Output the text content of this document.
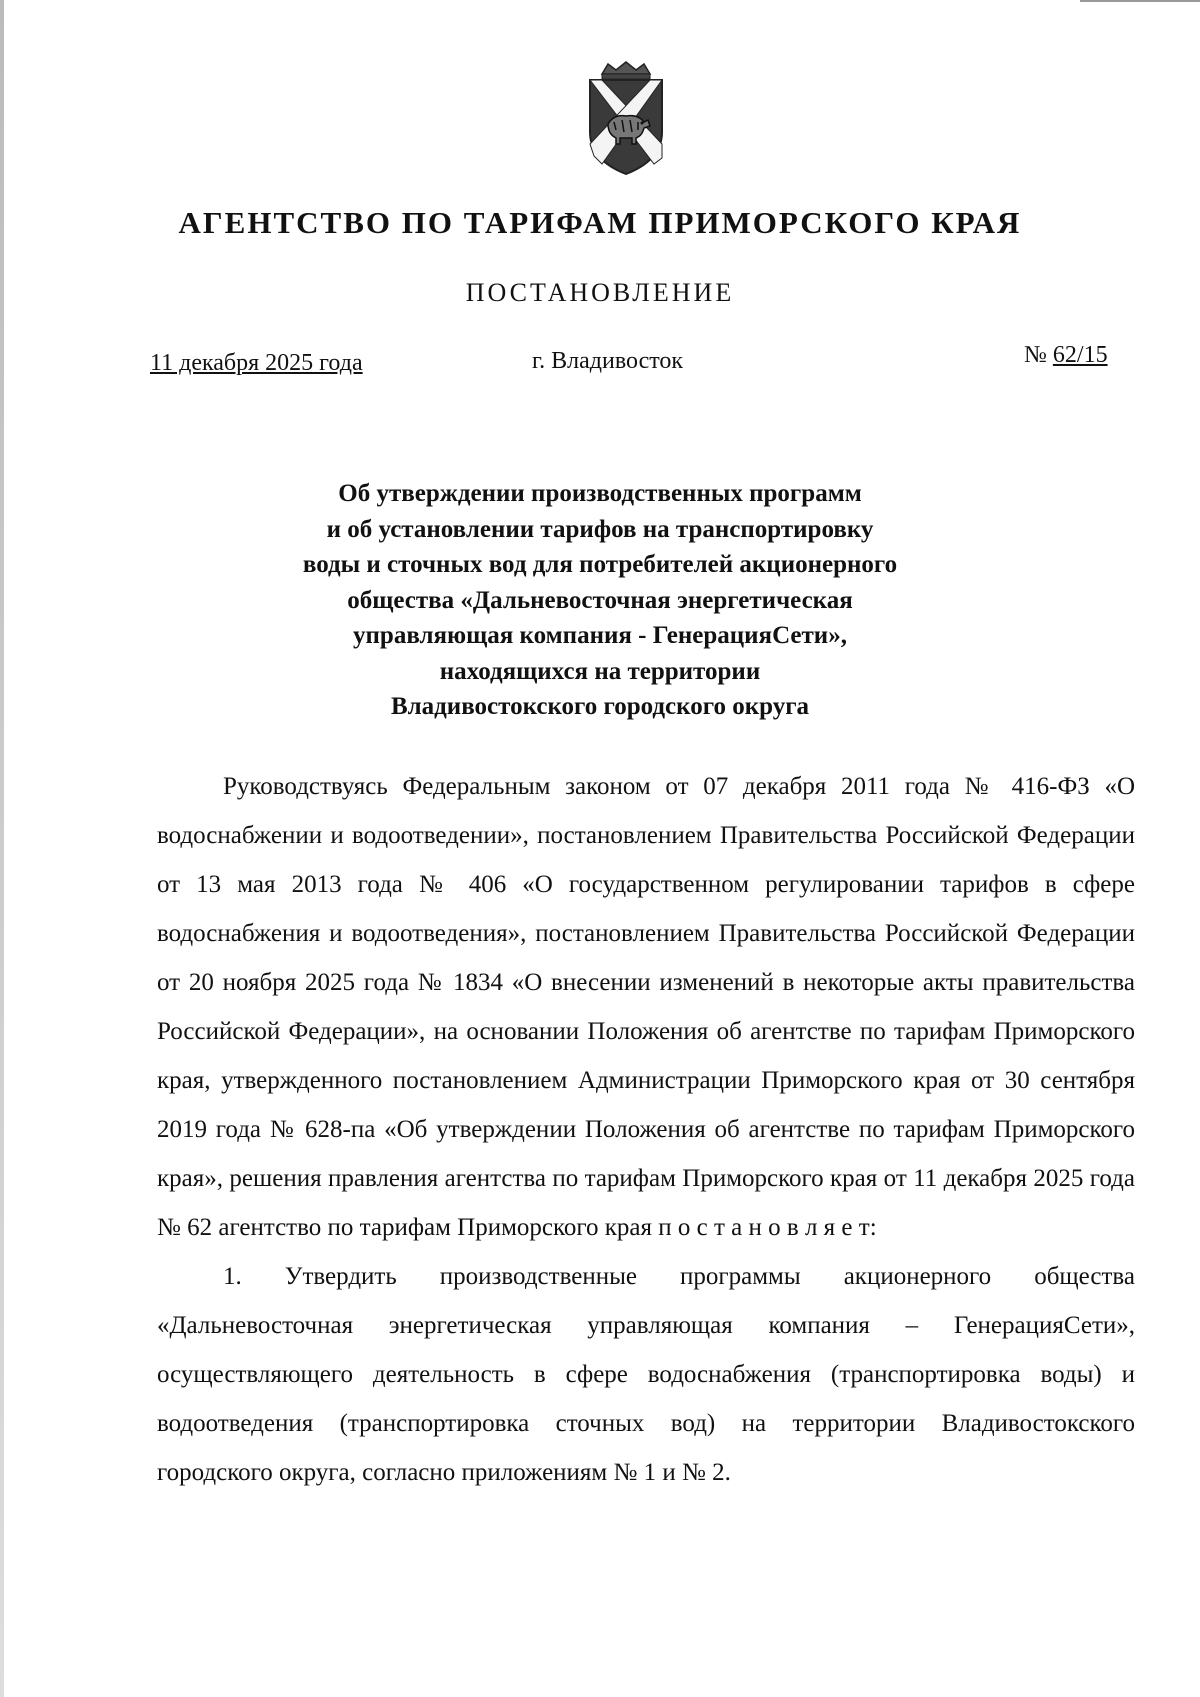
АГЕНТСТВО ПО ТАРИФАМ ПРИМОРСКОГО КРАЯ
ПОСТАНОВЛЕНИЕ
11 декабря 2025 года	г. Владивосток	№ 62/15
Об утверждении производственных программ
и об установлении тарифов на транспортировку
воды и сточных вод для потребителей акционерного
общества «Дальневосточная энергетическая
управляющая компания - ГенерацияСети»,
находящихся на территории
Владивостокского городского округа

Руководствуясь Федеральным законом от 07 декабря 2011 года № 416-ФЗ «О водоснабжении и водоотведении», постановлением Правительства Российской Федерации от 13 мая 2013 года № 406 «О государственном регулировании тарифов в сфере водоснабжения и водоотведения», постановлением Правительства Российской Федерации от 20 ноября 2025 года № 1834 «О внесении изменений в некоторые акты правительства Российской Федерации», на основании Положения об агентстве по тарифам Приморского края, утвержденного постановлением Администрации Приморского края от 30 сентября 2019 года № 628-па «Об утверждении Положения об агентстве по тарифам Приморского края», решения правления агентства по тарифам Приморского края от 11 декабря 2025 года № 62 агентство по тарифам Приморского края п о с т а н о в л я е т:

1. Утвердить производственные программы акционерного общества «Дальневосточная энергетическая управляющая компания – ГенерацияСети», осуществляющего деятельность в сфере водоснабжения (транспортировка воды) и водоотведения (транспортировка сточных вод) на территории Владивостокского городского округа, согласно приложениям № 1 и № 2.
